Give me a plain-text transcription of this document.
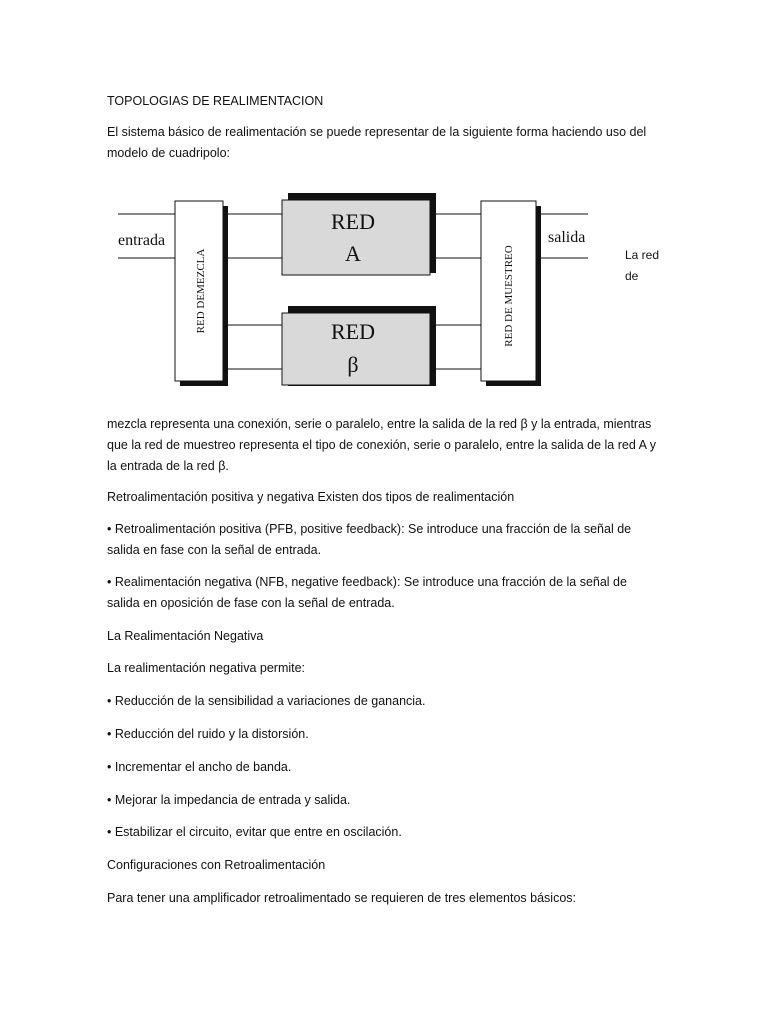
TOPOLOGIAS DE REALIMENTACION
El sistema básico de realimentación se puede representar de la siguiente forma haciendo uso del modelo de cuadripolo:
RED DEMEZCLA	RED DE MUESTREO
RED
A
RED
β
entrada	salida
La red
de
mezcla representa una conexión, serie o paralelo, entre la salida de la red β y la entrada, mientras que la red de muestreo representa el tipo de conexión, serie o paralelo, entre la salida de la red A y la entrada de la red β.
Retroalimentación positiva y negativa Existen dos tipos de realimentación
• Retroalimentación positiva (PFB, positive feedback): Se introduce una fracción de la señal de salida en fase con la señal de entrada.
• Realimentación negativa (NFB, negative feedback): Se introduce una fracción de la señal de salida en oposición de fase con la señal de entrada.
La Realimentación Negativa
La realimentación negativa permite:
• Reducción de la sensibilidad a variaciones de ganancia.
• Reducción del ruido y la distorsión.
• Incrementar el ancho de banda.
• Mejorar la impedancia de entrada y salida.
• Estabilizar el circuito, evitar que entre en oscilación.
Configuraciones con Retroalimentación
Para tener una amplificador retroalimentado se requieren de tres elementos básicos:
